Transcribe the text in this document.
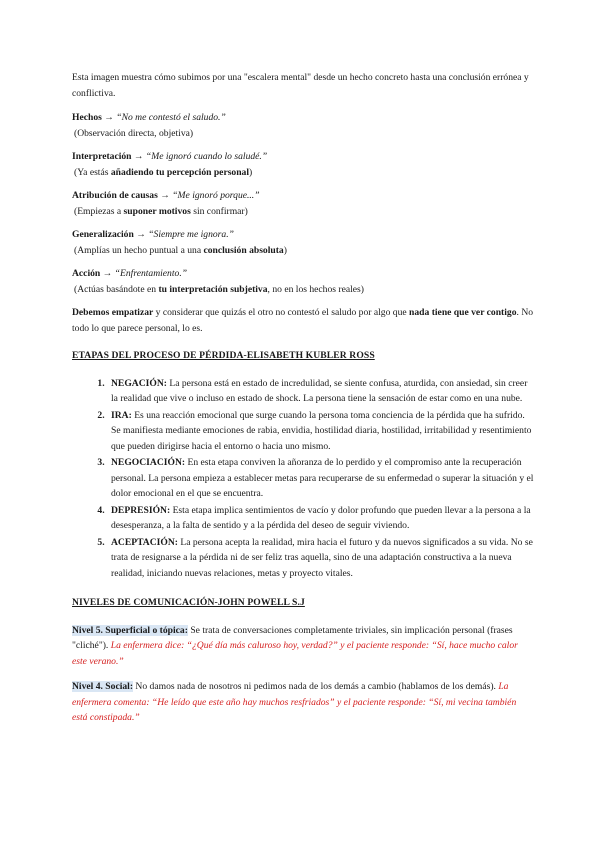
Esta imagen muestra cómo subimos por una "escalera mental" desde un hecho concreto hasta una conclusión errónea y conflictiva.

Hechos → “No me contestó el saludo.”

(Observación directa, objetiva)

Interpretación → “Me ignoró cuando lo saludé.”

(Ya estás añadiendo tu percepción personal)

Atribución de causas → “Me ignoró porque...”

(Empiezas a suponer motivos sin confirmar)

Generalización → “Siempre me ignora.”

(Amplías un hecho puntual a una conclusión absoluta)

Acción → “Enfrentamiento.”

(Actúas basándote en tu interpretación subjetiva, no en los hechos reales)

Debemos empatizar y considerar que quizás el otro no contestó el saludo por algo que nada tiene que ver contigo. No todo lo que parece personal, lo es.

ETAPAS DEL PROCESO DE PÉRDIDA-ELISABETH KUBLER ROSS

1. NEGACIÓN: La persona está en estado de incredulidad, se siente confusa, aturdida, con ansiedad, sin creer la realidad que vive o incluso en estado de shock. La persona tiene la sensación de estar como en una nube.
2. IRA: Es una reacción emocional que surge cuando la persona toma conciencia de la pérdida que ha sufrido. Se manifiesta mediante emociones de rabia, envidia, hostilidad diaria, hostilidad, irritabilidad y resentimiento que pueden dirigirse hacia el entorno o hacia uno mismo.
3. NEGOCIACIÓN: En esta etapa conviven la añoranza de lo perdido y el compromiso ante la recuperación personal. La persona empieza a establecer metas para recuperarse de su enfermedad o superar la situación y el dolor emocional en el que se encuentra.
4. DEPRESIÓN: Esta etapa implica sentimientos de vacío y dolor profundo que pueden llevar a la persona a la desesperanza, a la falta de sentido y a la pérdida del deseo de seguir viviendo.
5. ACEPTACIÓN: La persona acepta la realidad, mira hacia el futuro y da nuevos significados a su vida. No se trata de resignarse a la pérdida ni de ser feliz tras aquella, sino de una adaptación constructiva a la nueva realidad, iniciando nuevas relaciones, metas y proyecto vitales.

NIVELES DE COMUNICACIÓN-JOHN POWELL S.J

Nivel 5. Superficial o tópica: Se trata de conversaciones completamente triviales, sin implicación personal (frases "cliché"). La enfermera dice: “¿Qué día más caluroso hoy, verdad?” y el paciente responde: “Sí, hace mucho calor este verano.”

Nivel 4. Social: No damos nada de nosotros ni pedimos nada de los demás a cambio (hablamos de los demás). La enfermera comenta: “He leído que este año hay muchos resfriados” y el paciente responde: “Sí, mi vecina también está constipada.”
